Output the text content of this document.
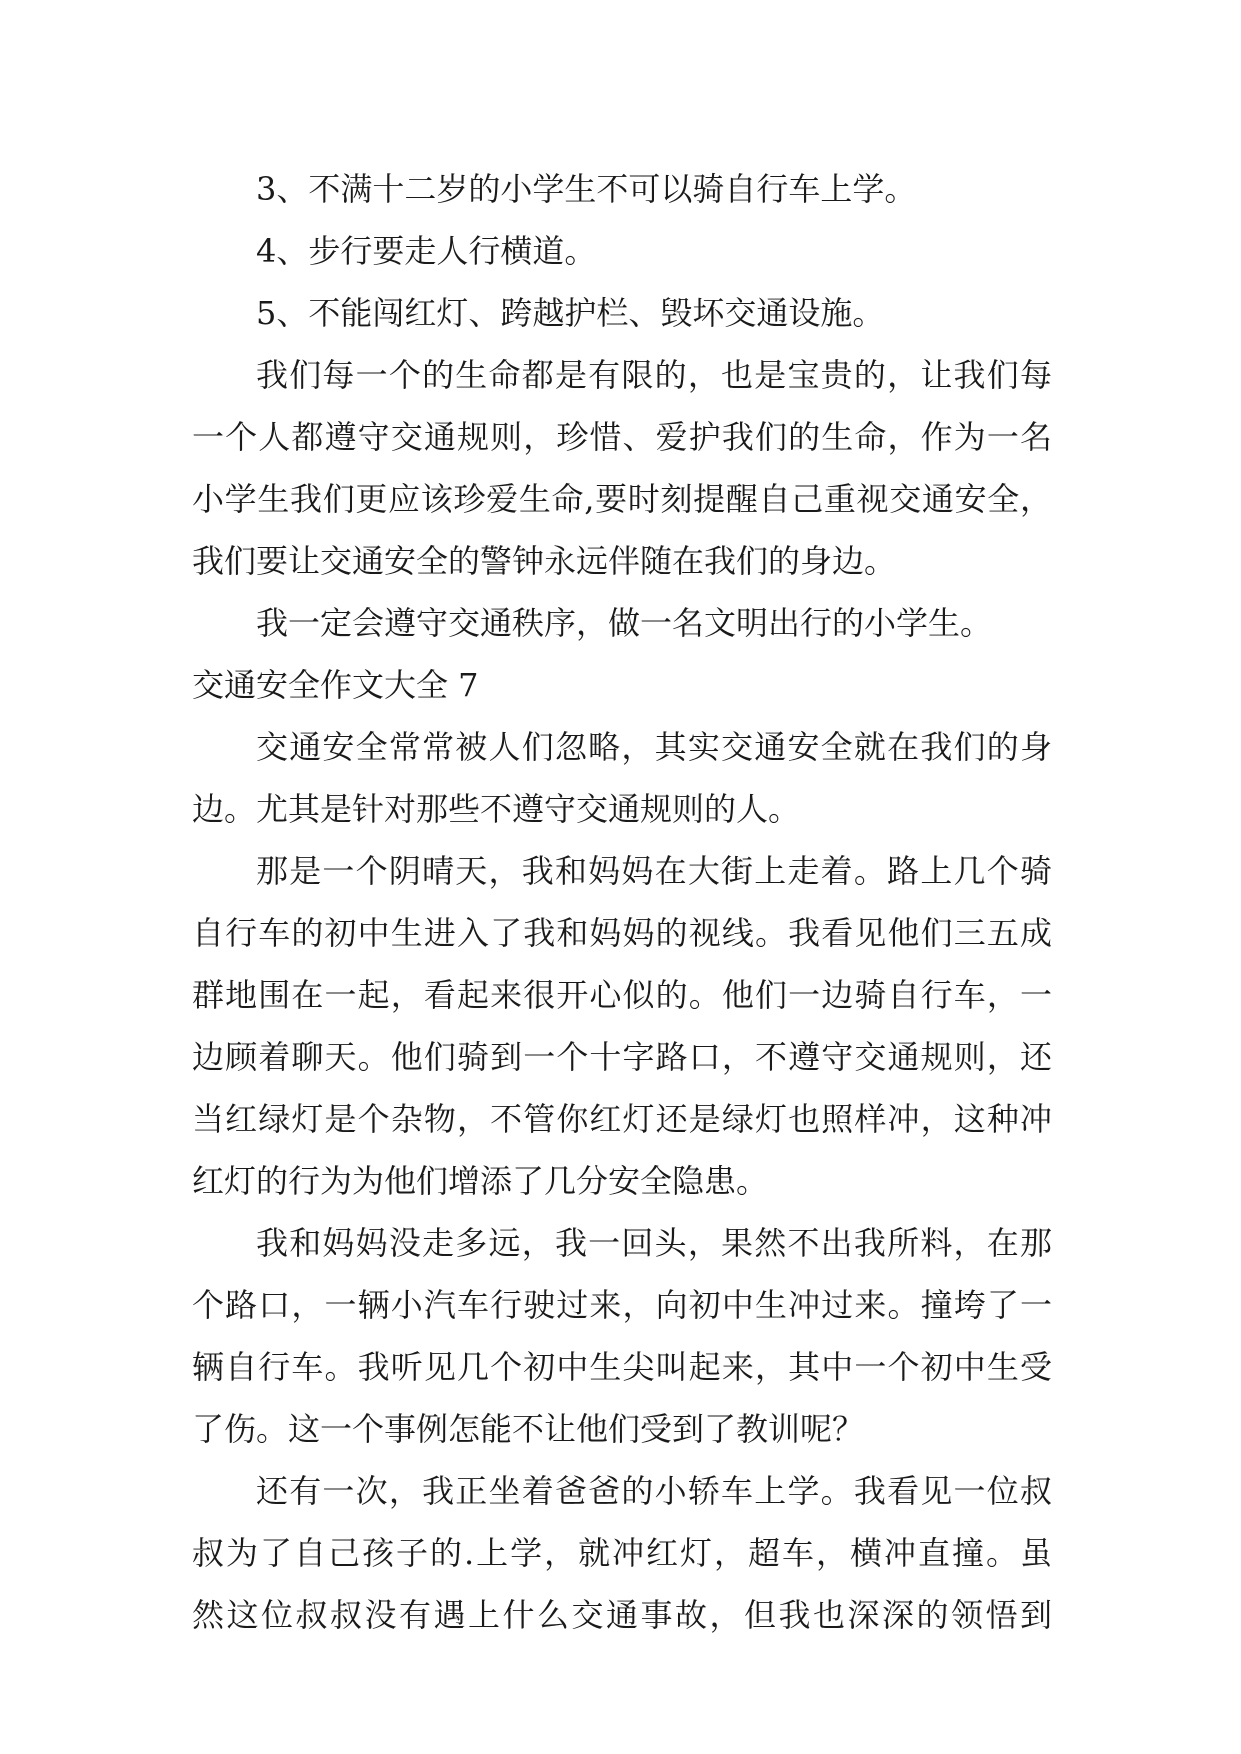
3、不满十二岁的小学生不可以骑自行车上学。
4、步行要走人行横道。
5、不能闯红灯、跨越护栏、毁坏交通设施。
我们每一个的生命都是有限的，也是宝贵的，让我们每
一个人都遵守交通规则，珍惜、爱护我们的生命，作为一名
小学生我们更应该珍爱生命,要时刻提醒自己重视交通安全，
我们要让交通安全的警钟永远伴随在我们的身边。
我一定会遵守交通秩序，做一名文明出行的小学生。
交通安全作文大全 7
交通安全常常被人们忽略，其实交通安全就在我们的身
边。尤其是针对那些不遵守交通规则的人。
那是一个阴晴天，我和妈妈在大街上走着。路上几个骑
自行车的初中生进入了我和妈妈的视线。我看见他们三五成
群地围在一起，看起来很开心似的。他们一边骑自行车，一
边顾着聊天。他们骑到一个十字路口，不遵守交通规则，还
当红绿灯是个杂物，不管你红灯还是绿灯也照样冲，这种冲
红灯的行为为他们增添了几分安全隐患。
我和妈妈没走多远，我一回头，果然不出我所料，在那
个路口，一辆小汽车行驶过来，向初中生冲过来。撞垮了一
辆自行车。我听见几个初中生尖叫起来，其中一个初中生受
了伤。这一个事例怎能不让他们受到了教训呢？
还有一次，我正坐着爸爸的小轿车上学。我看见一位叔
叔为了自己孩子的.上学，就冲红灯，超车，横冲直撞。虽
然这位叔叔没有遇上什么交通事故，但我也深深的领悟到
